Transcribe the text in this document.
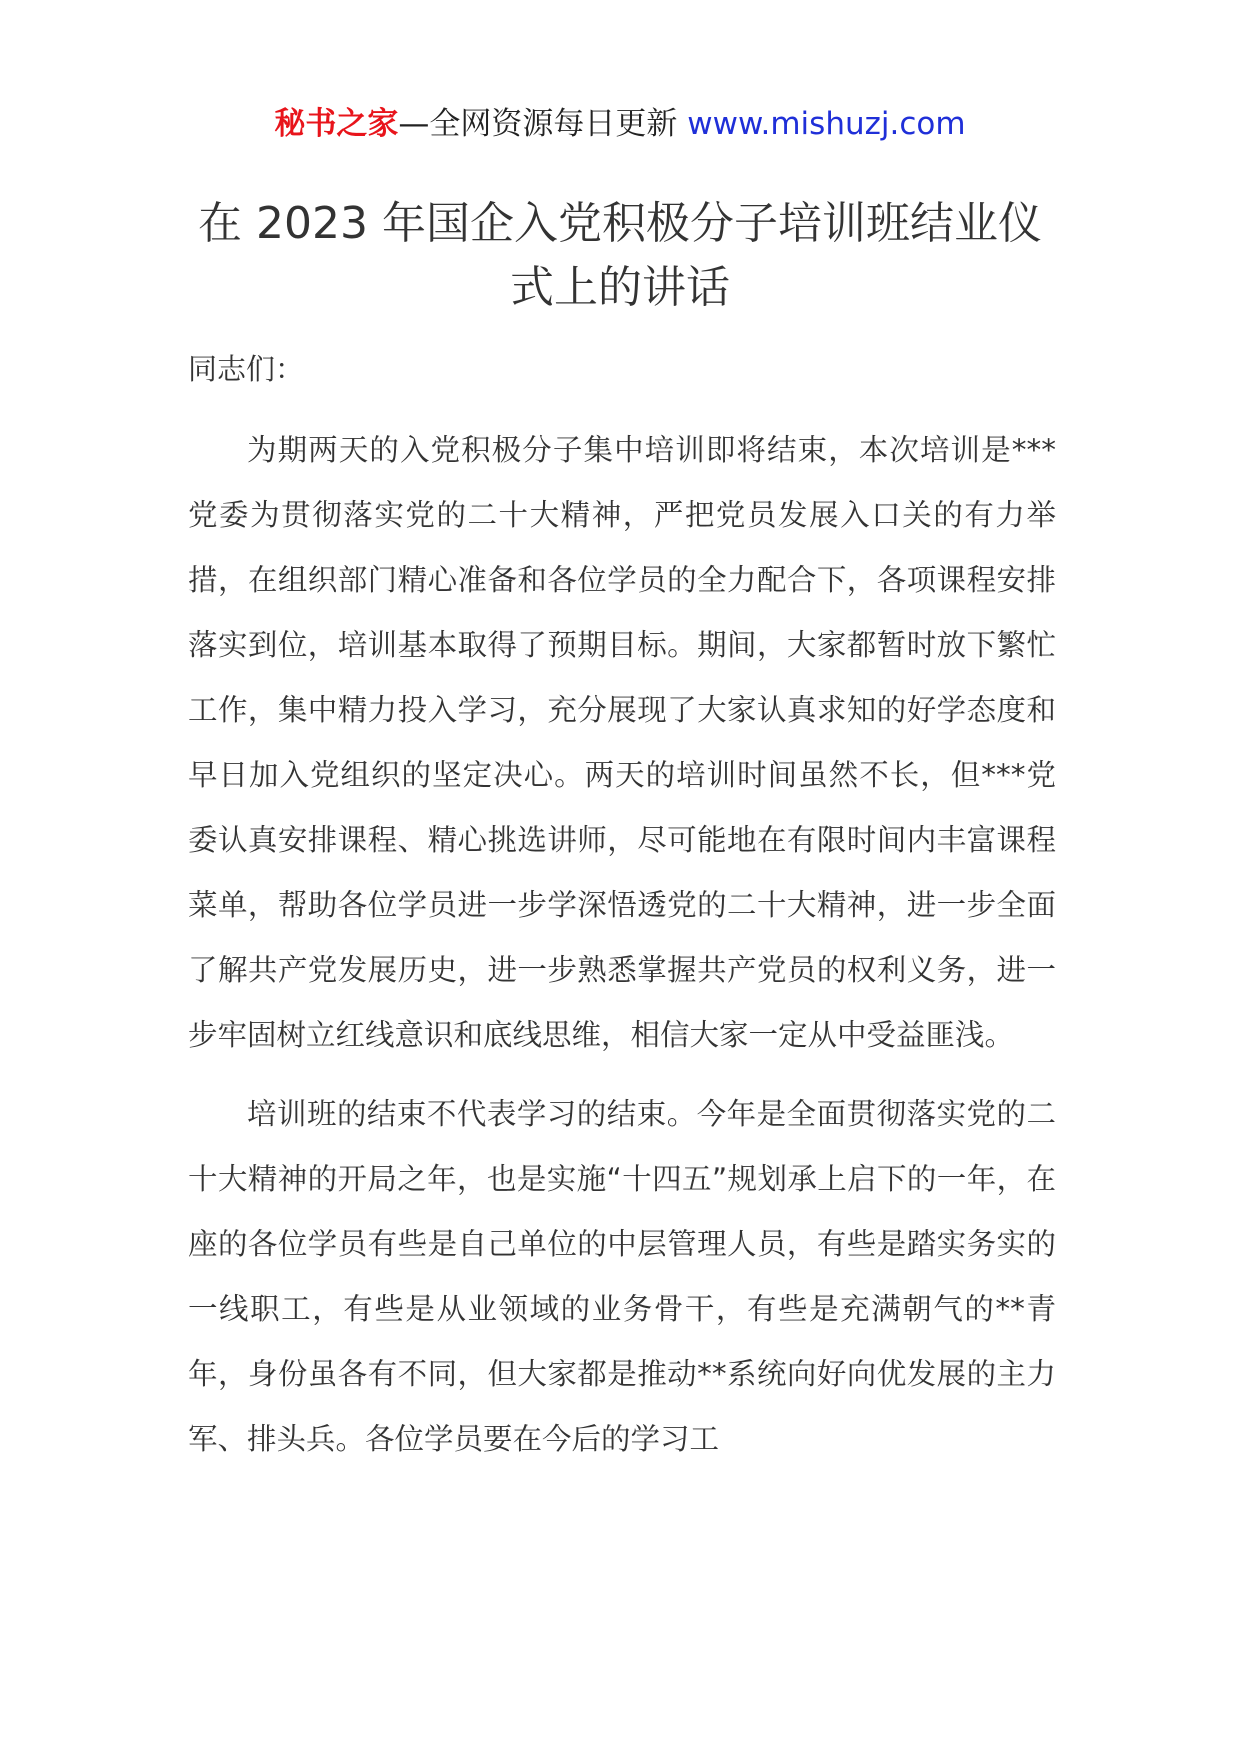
秘书之家—全网资源每日更新 www.mishuzj.com
在 2023 年国企入党积极分子培训班结业仪式上的讲话

同志们：

为期两天的入党积极分子集中培训即将结束，本次培训是***党委为贯彻落实党的二十大精神，严把党员发展入口关的有力举措，在组织部门精心准备和各位学员的全力配合下，各项课程安排落实到位，培训基本取得了预期目标。期间，大家都暂时放下繁忙工作，集中精力投入学习，充分展现了大家认真求知的好学态度和早日加入党组织的坚定决心。两天的培训时间虽然不长，但***党委认真安排课程、精心挑选讲师，尽可能地在有限时间内丰富课程菜单，帮助各位学员进一步学深悟透党的二十大精神，进一步全面了解共产党发展历史，进一步熟悉掌握共产党员的权利义务，进一步牢固树立红线意识和底线思维，相信大家一定从中受益匪浅。

培训班的结束不代表学习的结束。今年是全面贯彻落实党的二十大精神的开局之年，也是实施“十四五”规划承上启下的一年，在座的各位学员有些是自己单位的中层管理人员，有些是踏实务实的一线职工，有些是从业领域的业务骨干，有些是充满朝气的**青年，身份虽各有不同，但大家都是推动**系统向好向优发展的主力军、排头兵。各位学员要在今后的学习工
